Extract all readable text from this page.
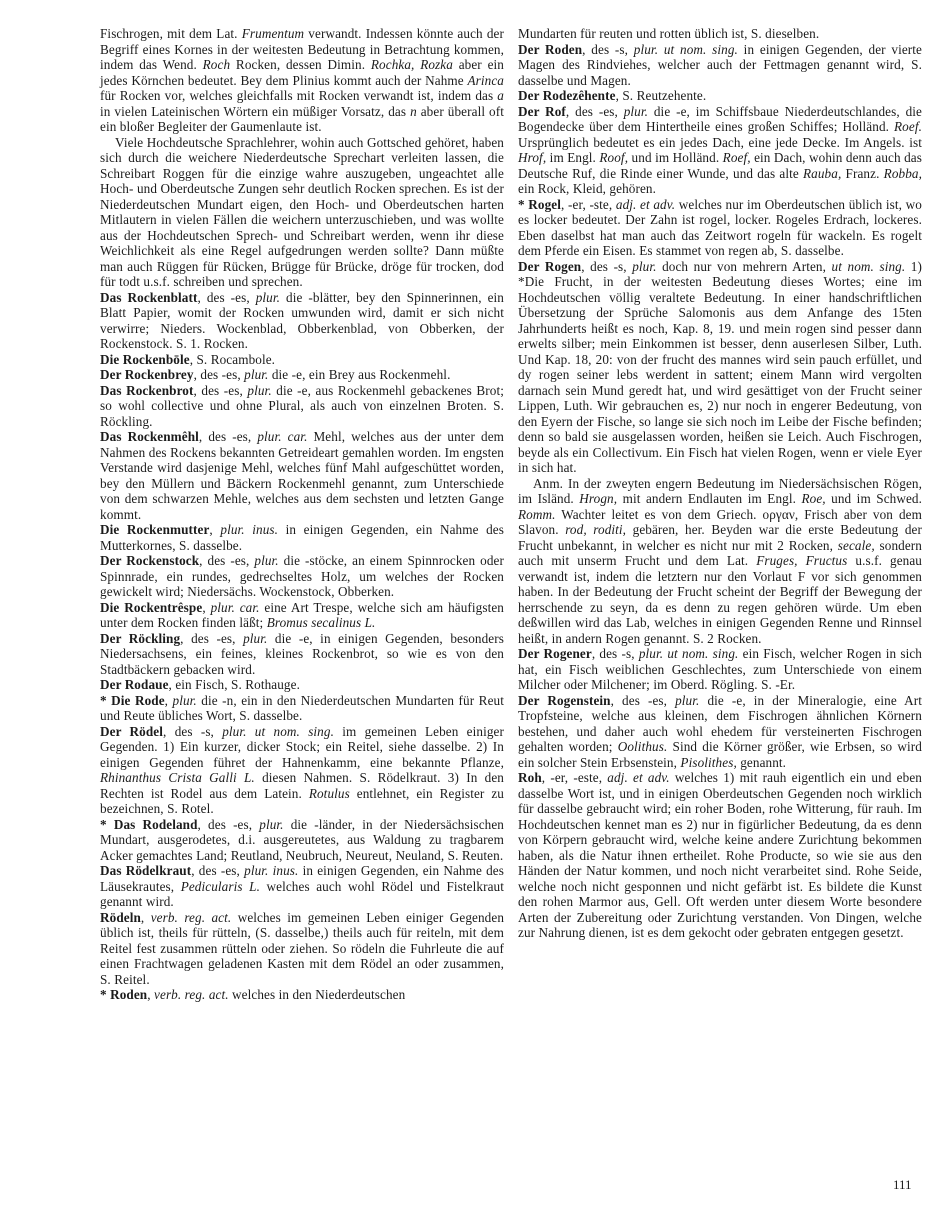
Fischrogen, mit dem Lat. Frumentum verwandt. Indessen könnte auch der Begriff eines Kornes in der weitesten Bedeutung in Betrachtung kommen, indem das Wend. Roch Rocken, dessen Dimin. Rochka, Rozka aber ein jedes Körnchen bedeutet. Bey dem Plinius kommt auch der Nahme Arinca für Rocken vor, welches gleichfalls mit Rocken verwandt ist, indem das a in vielen Lateinischen Wörtern ein müßiger Vorsatz, das n aber überall oft ein bloßer Begleiter der Gaumenlaute ist.

Viele Hochdeutsche Sprachlehrer, wohin auch Gottsched gehöret, haben sich durch die weichere Niederdeutsche Sprechart verleiten lassen, die Schreibart Roggen für die einzige wahre auszugeben, ungeachtet alle Hoch- und Oberdeutsche Zungen sehr deutlich Rocken sprechen. Es ist der Niederdeutschen Mundart eigen, den Hoch- und Oberdeutschen harten Mitlautern in vielen Fällen die weichern unterzuschieben, und was wollte aus der Hochdeutschen Sprech- und Schreibart werden, wenn ihr diese Weichlichkeit als eine Regel aufgedrungen werden sollte? Dann müßte man auch Rüggen für Rücken, Brügge für Brücke, dröge für trocken, dod für todt u.s.f. schreiben und sprechen.

Das Rockenblatt, des -es, plur. die -blätter, bey den Spinnerinnen, ein Blatt Papier, womit der Rocken umwunden wird, damit er sich nicht verwirre; Nieders. Wockenblad, Obberkenblad, von Obberken, der Rockenstock. S. 1. Rocken.

Die Rockenbōle, S. Rocambole.

Der Rockenbrey, des -es, plur. die -e, ein Brey aus Rockenmehl.

Das Rockenbrot, des -es, plur. die -e, aus Rockenmehl gebackenes Brot; so wohl collective und ohne Plural, als auch von einzelnen Broten. S. Röckling.

Das Rockenmêhl, des -es, plur. car. Mehl, welches aus der unter dem Nahmen des Rockens bekannten Getreideart gemahlen worden. Im engsten Verstande wird dasjenige Mehl, welches fünf Mahl aufgeschüttet worden, bey den Müllern und Bäckern Rockenmehl genannt, zum Unterschiede von dem schwarzen Mehle, welches aus dem sechsten und letzten Gange kommt.

Die Rockenmutter, plur. inus. in einigen Gegenden, ein Nahme des Mutterkornes, S. dasselbe.

Der Rockenstock, des -es, plur. die -stöcke, an einem Spinnrocken oder Spinnrade, ein rundes, gedrechseltes Holz, um welches der Rocken gewickelt wird; Niedersächs. Wockenstock, Obberken.

Die Rockentrêspe, plur. car. eine Art Trespe, welche sich am häufigsten unter dem Rocken finden läßt; Bromus secalinus L.

Der Röckling, des -es, plur. die -e, in einigen Gegenden, besonders Niedersachsens, ein feines, kleines Rockenbrot, so wie es von den Stadtbäckern gebacken wird.

Der Rodaue, ein Fisch, S. Rothauge.

* Die Rode, plur. die -n, ein in den Niederdeutschen Mundarten für Reut und Reute übliches Wort, S. dasselbe.

Der Rödel, des -s, plur. ut nom. sing. im gemeinen Leben einiger Gegenden. 1) Ein kurzer, dicker Stock; ein Reitel, siehe dasselbe. 2) In einigen Gegenden führet der Hahnenkamm, eine bekannte Pflanze, Rhinanthus Crista Galli L. diesen Nahmen. S. Rödelkraut. 3) In den Rechten ist Rodel aus dem Latein. Rotulus entlehnet, ein Register zu bezeichnen, S. Rotel.

* Das Rodeland, des -es, plur. die -länder, in der Niedersächsischen Mundart, ausgerodetes, d.i. ausgereutetes, aus Waldung zu tragbarem Acker gemachtes Land; Reutland, Neubruch, Neureut, Neuland, S. Reuten.

Das Rödelkraut, des -es, plur. inus. in einigen Gegenden, ein Nahme des Läusekrautes, Pedicularis L. welches auch wohl Rödel und Fistelkraut genannt wird.

Rödeln, verb. reg. act. welches im gemeinen Leben einiger Gegenden üblich ist, theils für rütteln, (S. dasselbe,) theils auch für reiteln, mit dem Reitel fest zusammen rütteln oder ziehen. So rödeln die Fuhrleute die auf einen Frachtwagen geladenen Kasten mit dem Rödel an oder zusammen, S. Reitel.

* Roden, verb. reg. act. welches in den Niederdeutschen

Mundarten für reuten und rotten üblich ist, S. dieselben.

Der Roden, des -s, plur. ut nom. sing. in einigen Gegenden, der vierte Magen des Rindviehes, welcher auch der Fettmagen genannt wird, S. dasselbe und Magen.

Der Rodezêhente, S. Reutzehente.

Der Rof, des -es, plur. die -e, im Schiffsbaue Niederdeutschlandes, die Bogendecke über dem Hintertheile eines großen Schiffes; Holländ. Roef. Ursprünglich bedeutet es ein jedes Dach, eine jede Decke. Im Angels. ist Hrof, im Engl. Roof, und im Holländ. Roef, ein Dach, wohin denn auch das Deutsche Ruf, die Rinde einer Wunde, und das alte Rauba, Franz. Robba, ein Rock, Kleid, gehören.

* Rogel, -er, -ste, adj. et adv. welches nur im Oberdeutschen üblich ist, wo es locker bedeutet. Der Zahn ist rogel, locker. Rogeles Erdrach, lockeres. Eben daselbst hat man auch das Zeitwort rogeln für wackeln. Es rogelt dem Pferde ein Eisen. Es stammet von regen ab, S. dasselbe.

Der Rogen, des -s, plur. doch nur von mehrern Arten, ut nom. sing. 1) *Die Frucht, in der weitesten Bedeutung dieses Wortes; eine im Hochdeutschen völlig veraltete Bedeutung. In einer handschriftlichen Übersetzung der Sprüche Salomonis aus dem Anfange des 15ten Jahrhunderts heißt es noch, Kap. 8, 19. und mein rogen sind pesser dann erwelts silber; mein Einkommen ist besser, denn auserlesen Silber, Luth. Und Kap. 18, 20: von der frucht des mannes wird sein pauch erfüllet, und dy rogen seiner lebs werdent in sattent; einem Mann wird vergolten darnach sein Mund geredt hat, und wird gesättiget von der Frucht seiner Lippen, Luth. Wir gebrauchen es, 2) nur noch in engerer Bedeutung, von den Eyern der Fische, so lange sie sich noch im Leibe der Fische befinden; denn so bald sie ausgelassen worden, heißen sie Leich. Auch Fischrogen, beyde als ein Collectivum. Ein Fisch hat vielen Rogen, wenn er viele Eyer in sich hat.

Anm. In der zweyten engern Bedeutung im Niedersächsischen Rögen, im Isländ. Hrogn, mit andern Endlauten im Engl. Roe, und im Schwed. Romm. Wachter leitet es von dem Griech. οργαν, Frisch aber von dem Slavon. rod, roditi, gebären, her. Beyden war die erste Bedeutung der Frucht unbekannt, in welcher es nicht nur mit 2 Rocken, secale, sondern auch mit unserm Frucht und dem Lat. Fruges, Fructus u.s.f. genau verwandt ist, indem die letztern nur den Vorlaut F vor sich genommen haben. In der Bedeutung der Frucht scheint der Begriff der Bewegung der herrschende zu seyn, da es denn zu regen gehören würde. Um eben deßwillen wird das Lab, welches in einigen Gegenden Renne und Rinnsel heißt, in andern Rogen genannt. S. 2 Rocken.

Der Rogener, des -s, plur. ut nom. sing. ein Fisch, welcher Rogen in sich hat, ein Fisch weiblichen Geschlechtes, zum Unterschiede von einem Milcher oder Milchener; im Oberd. Rögling. S. -Er.

Der Rogenstein, des -es, plur. die -e, in der Mineralogie, eine Art Tropfsteine, welche aus kleinen, dem Fischrogen ähnlichen Körnern bestehen, und daher auch wohl ehedem für versteinerten Fischrogen gehalten worden; Oolithus. Sind die Körner größer, wie Erbsen, so wird ein solcher Stein Erbsenstein, Pisolithes, genannt.

Roh, -er, -este, adj. et adv. welches 1) mit rauh eigentlich ein und eben dasselbe Wort ist, und in einigen Oberdeutschen Gegenden noch wirklich für dasselbe gebraucht wird; ein roher Boden, rohe Witterung, für rauh. Im Hochdeutschen kennet man es 2) nur in figürlicher Bedeutung, da es denn von Körpern gebraucht wird, welche keine andere Zurichtung bekommen haben, als die Natur ihnen ertheilet. Rohe Producte, so wie sie aus den Händen der Natur kommen, und noch nicht verarbeitet sind. Rohe Seide, welche noch nicht gesponnen und nicht gefärbt ist. Es bildete die Kunst den rohen Marmor aus, Gell. Oft werden unter diesem Worte besondere Arten der Zubereitung oder Zurichtung verstanden. Von Dingen, welche zur Nahrung dienen, ist es dem gekocht oder gebraten entgegen gesetzt.

111
